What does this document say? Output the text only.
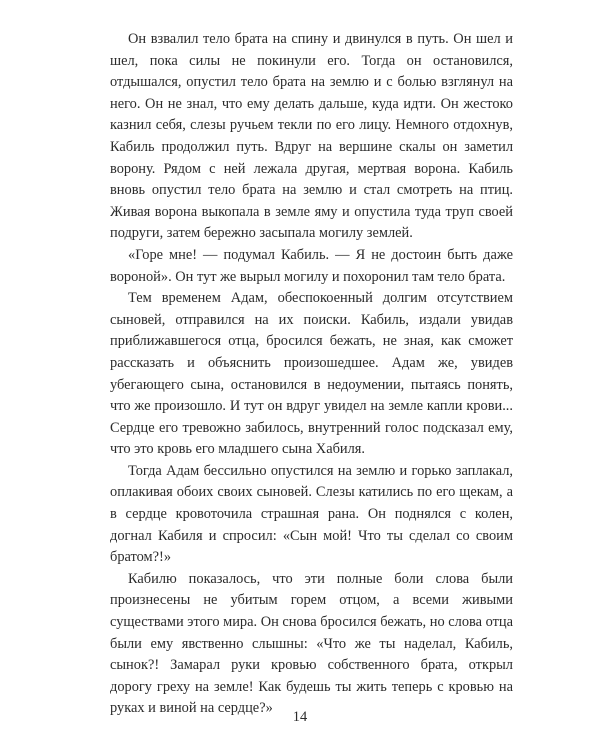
Он взвалил тело брата на спину и двинулся в путь. Он шел и шел, пока силы не покинули его. Тогда он остановился, отдышался, опустил тело брата на землю и с болью взглянул на него. Он не знал, что ему делать дальше, куда идти. Он жестоко казнил себя, слезы ручьем текли по его лицу. Немного отдохнув, Кабиль продолжил путь. Вдруг на вершине скалы он заметил ворону. Рядом с ней лежала другая, мертвая ворона. Кабиль вновь опустил тело брата на землю и стал смотреть на птиц. Живая ворона выкопала в земле яму и опустила туда труп своей подруги, затем бережно засыпала могилу землей.

«Горе мне! — подумал Кабиль. — Я не достоин быть даже вороной». Он тут же вырыл могилу и похоронил там тело брата.

Тем временем Адам, обеспокоенный долгим отсутствием сыновей, отправился на их поиски. Кабиль, издали увидав приближавшегося отца, бросился бежать, не зная, как сможет рассказать и объяснить произошедшее. Адам же, увидев убегающего сына, остановился в недоумении, пытаясь понять, что же произошло. И тут он вдруг увидел на земле капли крови... Сердце его тревожно забилось, внутренний голос подсказал ему, что это кровь его младшего сына Хабиля.

Тогда Адам бессильно опустился на землю и горько заплакал, оплакивая обоих своих сыновей. Слезы катились по его щекам, а в сердце кровоточила страшная рана. Он поднялся с колен, догнал Кабиля и спросил: «Сын мой! Что ты сделал со своим братом?!»

Кабилю показалось, что эти полные боли слова были произнесены не убитым горем отцом, а всеми живыми существами этого мира. Он снова бросился бежать, но слова отца были ему явственно слышны: «Что же ты наделал, Кабиль, сынок?! Замарал руки кровью собственного брата, открыл дорогу греху на земле! Как будешь ты жить теперь с кровью на руках и виной на сердце?»

14
